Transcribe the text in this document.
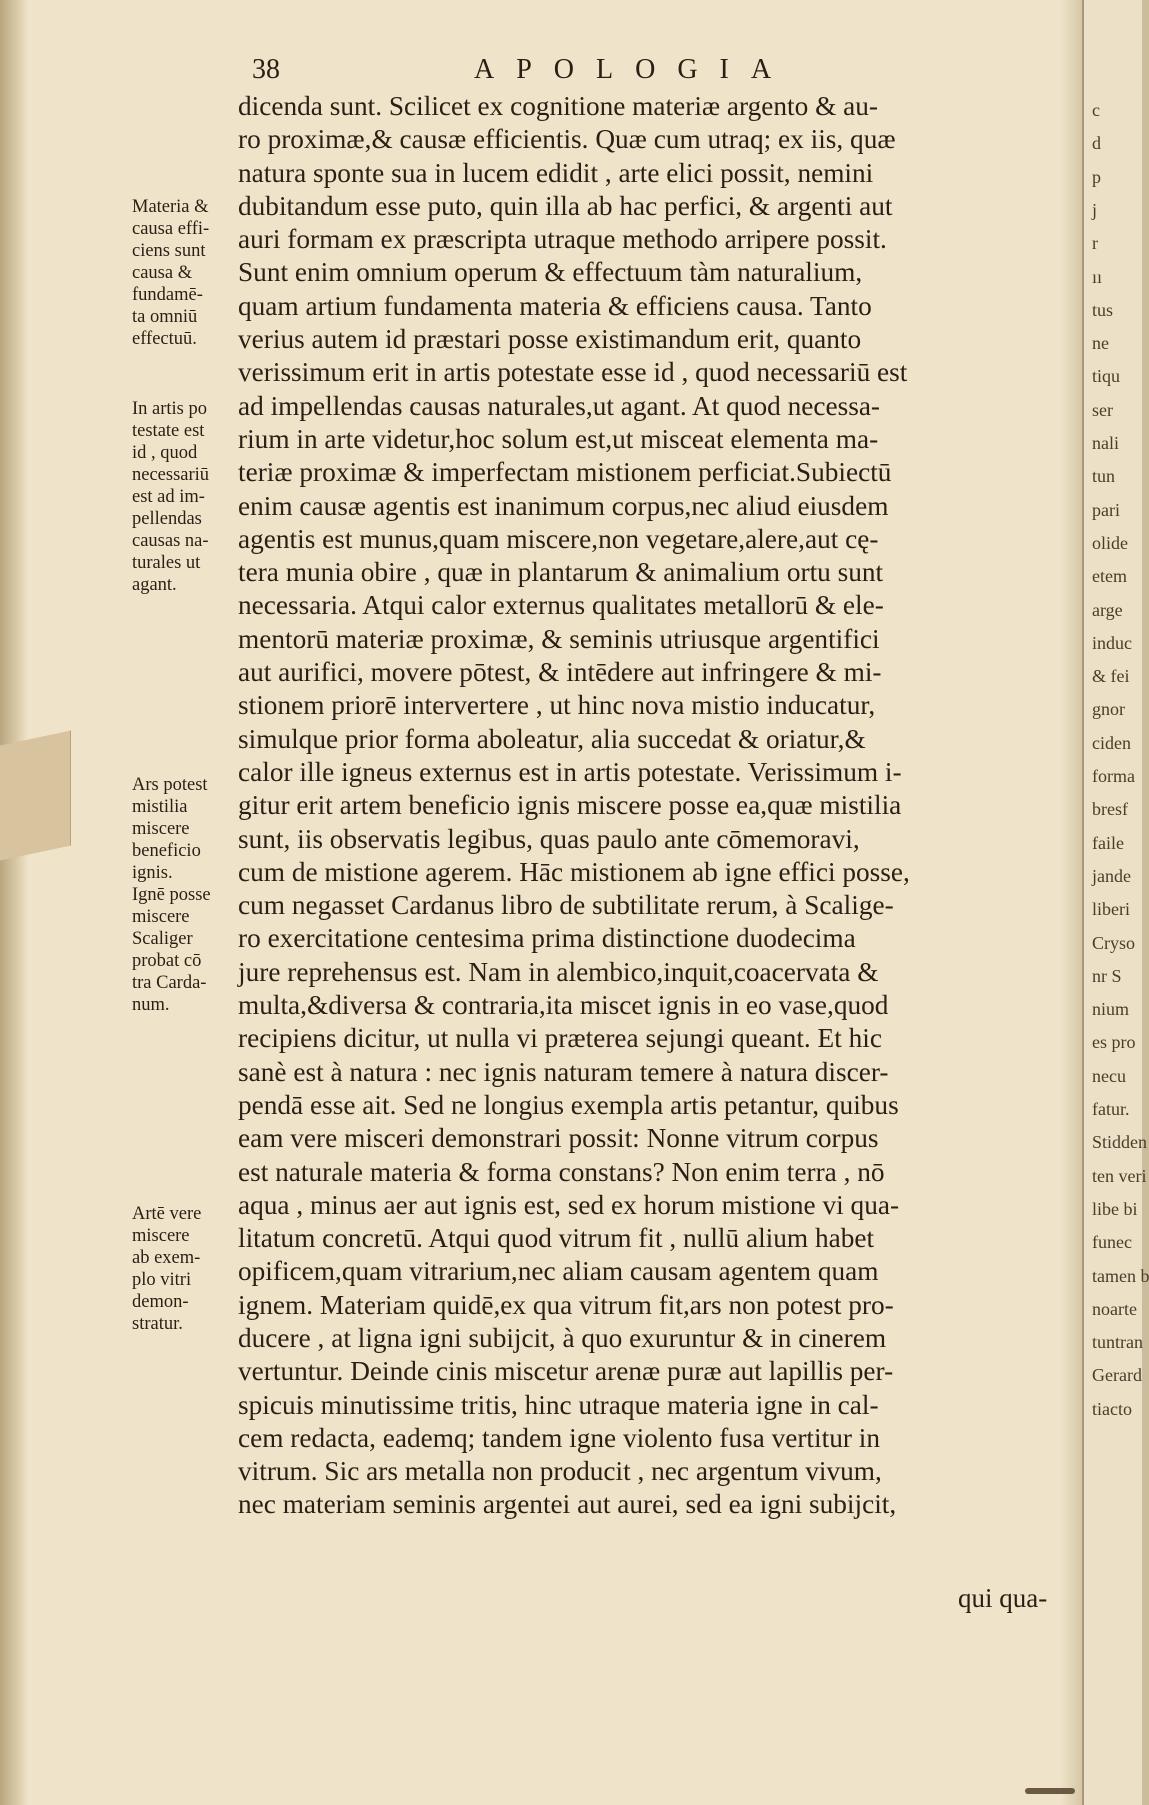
c
d
p
j
r
ıı
tus
ne
tiqu
ser
nali
tun
pari
olide
etem
arge
induc
& fei
gnor
ciden
forma
bresf
faile
jande
liberi
Cryso
nr S
nium
es pro
necu
fatur.
Stidden
ten veri
libe bi
funec
tamen b
noarte
tuntran
Gerard
tiacto
38	APOLOGIA
dicenda sunt. Scilicet ex cognitione materiæ argento & au-
ro proximæ,& causæ efficientis. Quæ cum utraq; ex iis, quæ
natura sponte sua in lucem edidit , arte elici possit, nemini
dubitandum esse puto, quin illa ab hac perfici, & argenti aut
auri formam ex præscripta utraque methodo arripere possit.
Sunt enim omnium operum & effectuum tàm naturalium,
quam artium fundamenta materia & efficiens causa. Tanto
verius autem id præstari posse existimandum erit, quanto
verissimum erit in artis potestate esse id , quod necessariū est
ad impellendas causas naturales,ut agant. At quod necessa-
rium in arte videtur,hoc solum est,ut misceat elementa ma-
teriæ proximæ & imperfectam mistionem perficiat.Subiectū
enim causæ agentis est inanimum corpus,nec aliud eiusdem
agentis est munus,quam miscere,non vegetare,alere,aut cę-
tera munia obire , quæ in plantarum & animalium ortu sunt
necessaria. Atqui calor externus qualitates metallorū & ele-
mentorū materiæ proximæ, & seminis utriusque argentifici
aut aurifici, movere pōtest, & intēdere aut infringere & mi-
stionem priorē intervertere , ut hinc nova mistio inducatur,
simulque prior forma aboleatur, alia succedat & oriatur,&
calor ille igneus externus est in artis potestate. Verissimum i-
gitur erit artem beneficio ignis miscere posse ea,quæ mistilia
sunt, iis observatis legibus, quas paulo ante cōmemoravi,
cum de mistione agerem. Hāc mistionem ab igne effici posse,
cum negasset Cardanus libro de subtilitate rerum, à Scalige-
ro exercitatione centesima prima distinctione duodecima
jure reprehensus est. Nam in alembico,inquit,coacervata &
multa,&diversa & contraria,ita miscet ignis in eo vase,quod
recipiens dicitur, ut nulla vi præterea sejungi queant. Et hic
sanè est à natura : nec ignis naturam temere à natura discer-
pendā esse ait. Sed ne longius exempla artis petantur, quibus
eam vere misceri demonstrari possit: Nonne vitrum corpus
est naturale materia & forma constans? Non enim terra , nō
aqua , minus aer aut ignis est, sed ex horum mistione vi qua-
litatum concretū. Atqui quod vitrum fit , nullū alium habet
opificem,quam vitrarium,nec aliam causam agentem quam
ignem. Materiam quidē,ex qua vitrum fit,ars non potest pro-
ducere , at ligna igni subijcit, à quo exuruntur & in cinerem
vertuntur. Deinde cinis miscetur arenæ puræ aut lapillis per-
spicuis minutissime tritis, hinc utraque materia igne in cal-
cem redacta, eademq; tandem igne violento fusa vertitur in
vitrum. Sic ars metalla non producit , nec argentum vivum,
nec materiam seminis argentei aut aurei, sed ea igni subijcit,
Materia &
causa effi-
ciens sunt
causa &
fundamē-
ta omniū
effectuū.
In artis po
testate est
id , quod
necessariū
est ad im-
pellendas
causas na-
turales ut
agant.
Ars potest
mistilia
miscere
beneficio
ignis.
Ignē posse
miscere
Scaliger
probat cō
tra Carda-
num.
Artē vere
miscere
ab exem-
plo vitri
demon-
stratur.
qui qua-
